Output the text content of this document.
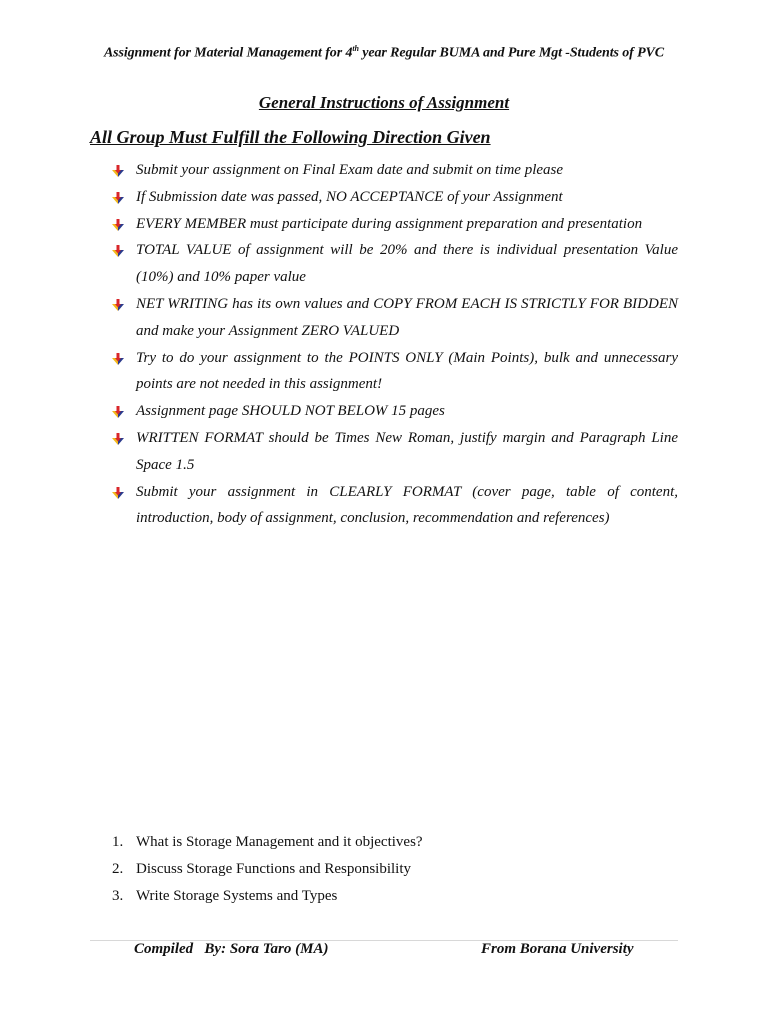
Assignment for Material Management for 4th year Regular BUMA and Pure Mgt -Students of PVC
General Instructions of Assignment
All Group Must Fulfill the Following Direction Given
Submit your assignment on Final Exam date and submit on time please
If Submission date was passed, NO ACCEPTANCE of your Assignment
EVERY MEMBER must participate during assignment preparation and presentation
TOTAL VALUE of assignment will be 20% and there is individual presentation Value (10%) and 10% paper value
NET WRITING has its own values and COPY FROM EACH IS STRICTLY FOR BIDDEN and make your Assignment ZERO VALUED
Try to do your assignment to the POINTS ONLY (Main Points), bulk and unnecessary points are not needed in this assignment!
Assignment page SHOULD NOT BELOW 15 pages
WRITTEN FORMAT should be Times New Roman, justify margin and Paragraph Line Space 1.5
Submit your assignment in CLEARLY FORMAT (cover page, table of content, introduction, body of assignment, conclusion, recommendation and references)
1. What is Storage Management and it objectives?
2. Discuss Storage Functions and Responsibility
3. Write Storage Systems and Types
Compiled   By: Sora Taro (MA)	From Borana University
